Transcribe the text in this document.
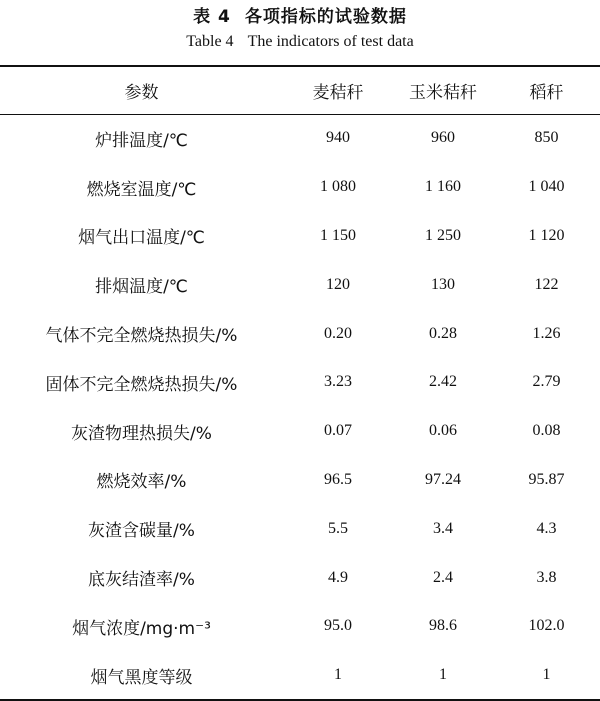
表 4 各项指标的试验数据
Table 4 The indicators of test data
参数	麦秸秆	玉米秸秆	稻秆
炉排温度/℃	940	960	850
燃烧室温度/℃	1 080	1 160	1 040
烟气出口温度/℃	1 150	1 250	1 120
排烟温度/℃	120	130	122
气体不完全燃烧热损失/%	0.20	0.28	1.26
固体不完全燃烧热损失/%	3.23	2.42	2.79
灰渣物理热损失/%	0.07	0.06	0.08
燃烧效率/%	96.5	97.24	95.87
灰渣含碳量/%	5.5	3.4	4.3
底灰结渣率/%	4.9	2.4	3.8
烟气浓度/mg·m⁻³	95.0	98.6	102.0
烟气黑度等级	1	1	1
